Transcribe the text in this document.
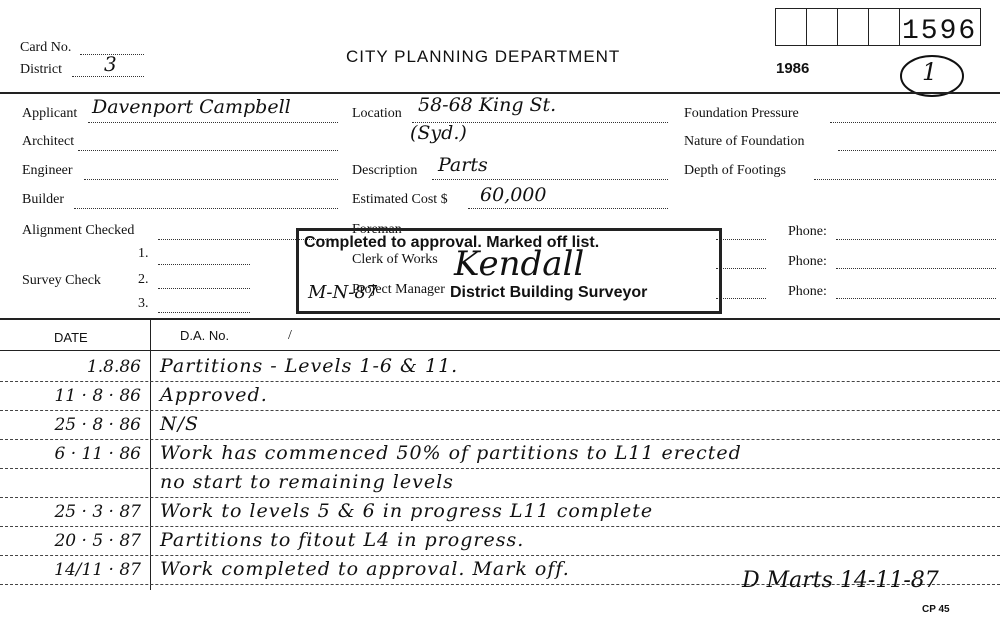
Card No.
District 3	CITY PLANNING DEPARTMENT
1986
1596
1
Applicant Davenport Campbell
Architect
Engineer
Builder
Alignment Checked
Survey Check
1.
2.
3.
Location 58-68 King St.
(Syd.)
Description Parts
Estimated Cost $ 60,000
Foreman
Clerk of Works
Project Manager
Foundation Pressure
Nature of Foundation
Depth of Footings
Phone:
Phone:
Phone:
Completed to approval. Marked off list.
Kendall
M-N-87	District Building Surveyor
DATE	D.A. No.	/
1.8.86 Partitions - Levels 1-6 & 11.
11 · 8 · 86 Approved.
25 · 8 · 86 N/S
6 · 11 · 86 Work has commenced 50% of partitions to L11 erected
no start to remaining levels
25 · 3 · 87 Work to levels 5 & 6 in progress L11 complete
20 · 5 · 87 Partitions to fitout L4 in progress.
14/11 · 87 Work completed to approval. Mark off.	D Marts 14-11-87
CP 45
